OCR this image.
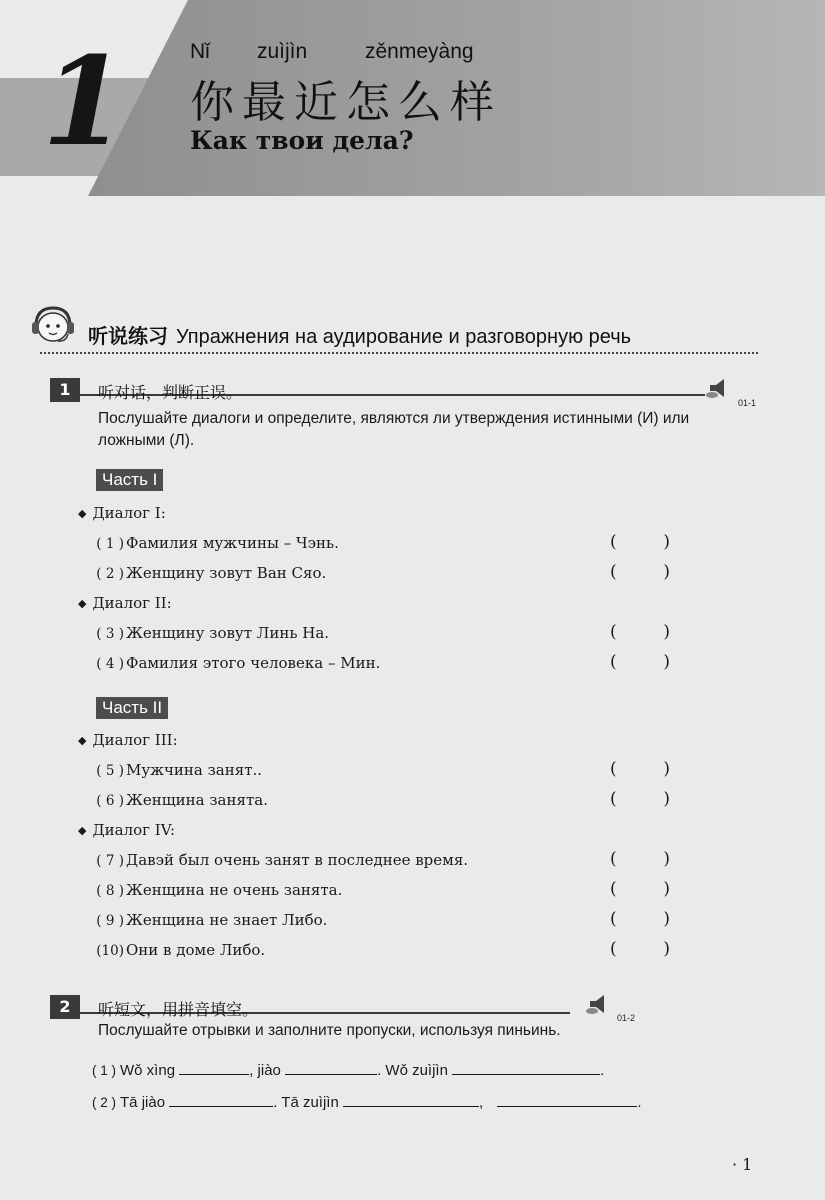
1	Nǐ zuìjìn	zěnmeyàng
你最近怎么样
Как твои дела?
听说练习 Упражнения на аудирование и разговорную речь
1	听对话，判断正误。
01-1
Послушайте диалоги и определите, являются ли утверждения истинными (И) или ложными (Л).
Часть I
◆ Диалог I:
( 1 ) Фамилия мужчины – Чэнь.	(	)
( 2 ) Женщину зовут Ван Сяо.	(	)
◆ Диалог II:
( 3 ) Женщину зовут Линь На.	(	)
( 4 ) Фамилия этого человека – Мин.	(	)
Часть II
◆ Диалог III:
( 5 ) Мужчина занят..	(	)
( 6 ) Женщина занята.	(	)
◆ Диалог IV:
( 7 ) Давэй был очень занят в последнее время.	(	)
( 8 ) Женщина не очень занята.	(	)
( 9 ) Женщина не знает Либо.	(	)
(10) Они в доме Либо.	(	)
2	听短文，用拼音填空。	01-2
Послушайте отрывки и заполните пропуски, используя пиньинь.
( 1 ) Wǒ xìng	, jiào	. Wǒ zuìjìn	.
( 2 ) Tā jiào	. Tā zuìjìn	,	.
· 1
